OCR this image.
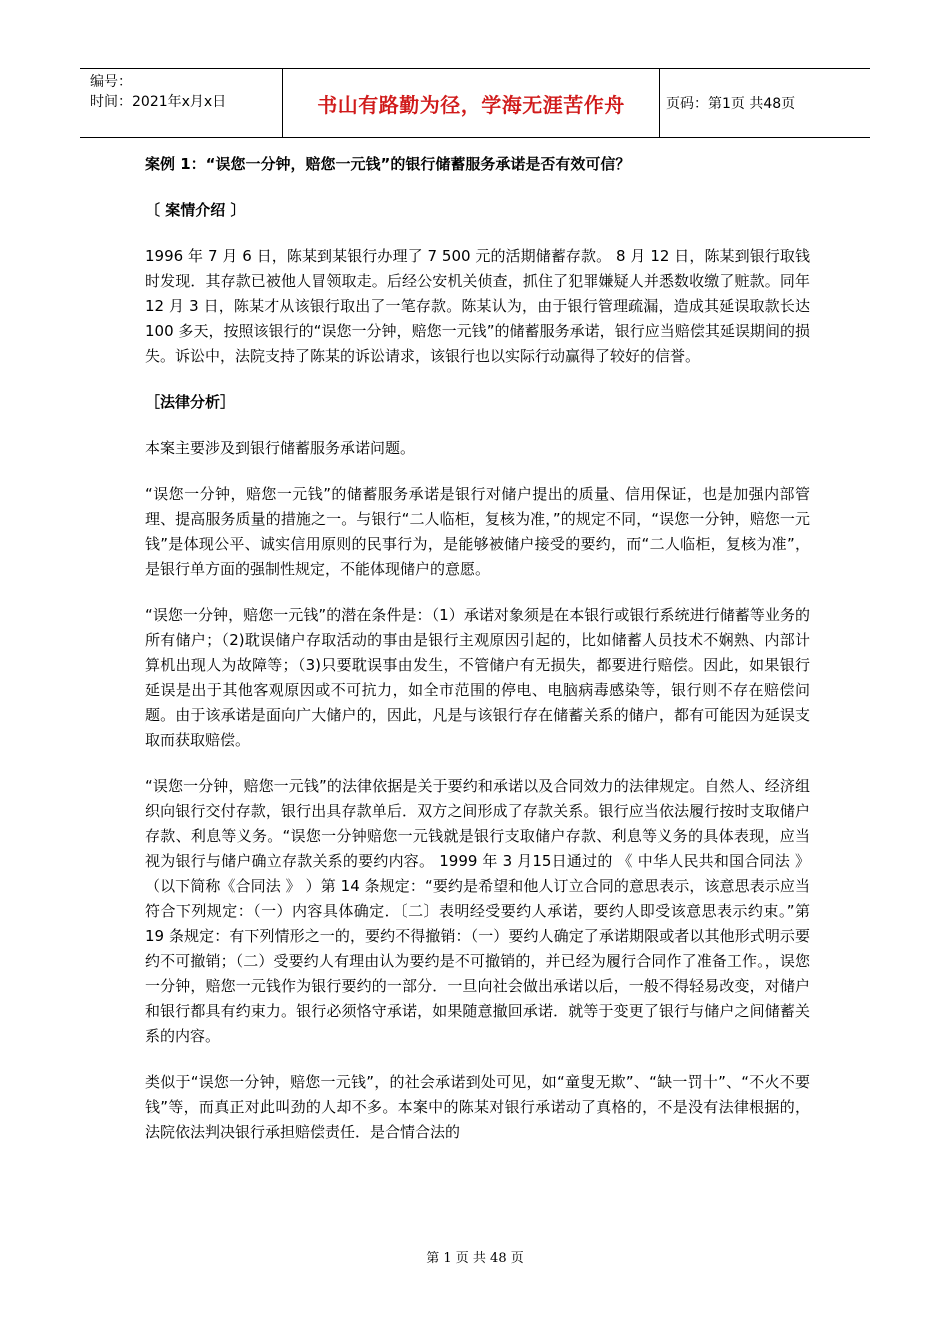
编号：
时间：2021年x月x日	书山有路勤为径，学海无涯苦作舟	页码：第1页 共48页

案例 1：“误您一分钟，赔您一元钱”的银行储蓄服务承诺是否有效可信？

〔 案情介绍 〕

1996 年 7 月 6 日，陈某到某银行办理了 7 500 元的活期储蓄存款。 8 月 12 日，陈某到银行取钱时发现．其存款已被他人冒领取走。后经公安机关侦查，抓住了犯罪嫌疑人并悉数收缴了赃款。同年 12 月 3 日，陈某才从该银行取出了一笔存款。陈某认为，由于银行管理疏漏，造成其延误取款长达 100 多天，按照该银行的“误您一分钟，赔您一元钱”的储蓄服务承诺，银行应当赔偿其延误期间的损失。诉讼中，法院支持了陈某的诉讼请求，该银行也以实际行动赢得了较好的信誉。

［法律分析］

本案主要涉及到银行储蓄服务承诺问题。

“误您一分钟，赔您一元钱”的储蓄服务承诺是银行对储户提出的质量、信用保证，也是加强内部管理、提高服务质量的措施之一。与银行“二人临柜，复核为准，”的规定不同，“误您一分钟，赔您一元钱”是体现公平、诚实信用原则的民事行为，是能够被储户接受的要约，而“二人临柜，复核为准”，是银行单方面的强制性规定，不能体现储户的意愿。

“误您一分钟，赔您一元钱”的潜在条件是：（1）承诺对象须是在本银行或银行系统进行储蓄等业务的所有储户；（2)耽误储户存取活动的事由是银行主观原因引起的，比如储蓄人员技术不娴熟、内部计算机出现人为故障等；（3)只要耽误事由发生，不管储户有无损失，都要进行赔偿。因此，如果银行延误是出于其他客观原因或不可抗力，如全市范围的停电、电脑病毒感染等，银行则不存在赔偿问题。由于该承诺是面向广大储户的，因此，凡是与该银行存在储蓄关系的储户，都有可能因为延误支取而获取赔偿。

“误您一分钟，赔您一元钱”的法律依据是关于要约和承诺以及合同效力的法律规定。自然人、经济组织向银行交付存款，银行出具存款单后．双方之间形成了存款关系。银行应当依法履行按时支取储户存款、利息等义务。“误您一分钟赔您一元钱就是银行支取储户存款、利息等义务的具体表现，应当视为银行与储户确立存款关系的要约内容。 1999 年 3 月15日通过的 《 中华人民共和国合同法 》 （以下简称《合同法 》 ）第 14 条规定：“要约是希望和他人订立合同的意思表示，该意思表示应当符合下列规定：（一）内容具体确定．〔二〕表明经受要约人承诺，要约人即受该意思表示约束。”第 19 条规定：有下列情形之一的，要约不得撤销：（一）要约人确定了承诺期限或者以其他形式明示要约不可撤销；（二）受要约人有理由认为要约是不可撤销的，并已经为履行合同作了准备工作。，误您一分钟，赔您一元钱作为银行要约的一部分．一旦向社会做出承诺以后，一般不得轻易改变，对储户和银行都具有约束力。银行必须恪守承诺，如果随意撤回承诺．就等于变更了银行与储户之间储蓄关系的内容。

类似于“误您一分钟，赔您一元钱”，的社会承诺到处可见，如“童叟无欺”、“缺一罚十”、“不火不要钱”等，而真正对此叫劲的人却不多。本案中的陈某对银行承诺动了真格的，不是没有法律根据的，法院依法判决银行承担赔偿责任．是合情合法的

第 1 页 共 48 页
